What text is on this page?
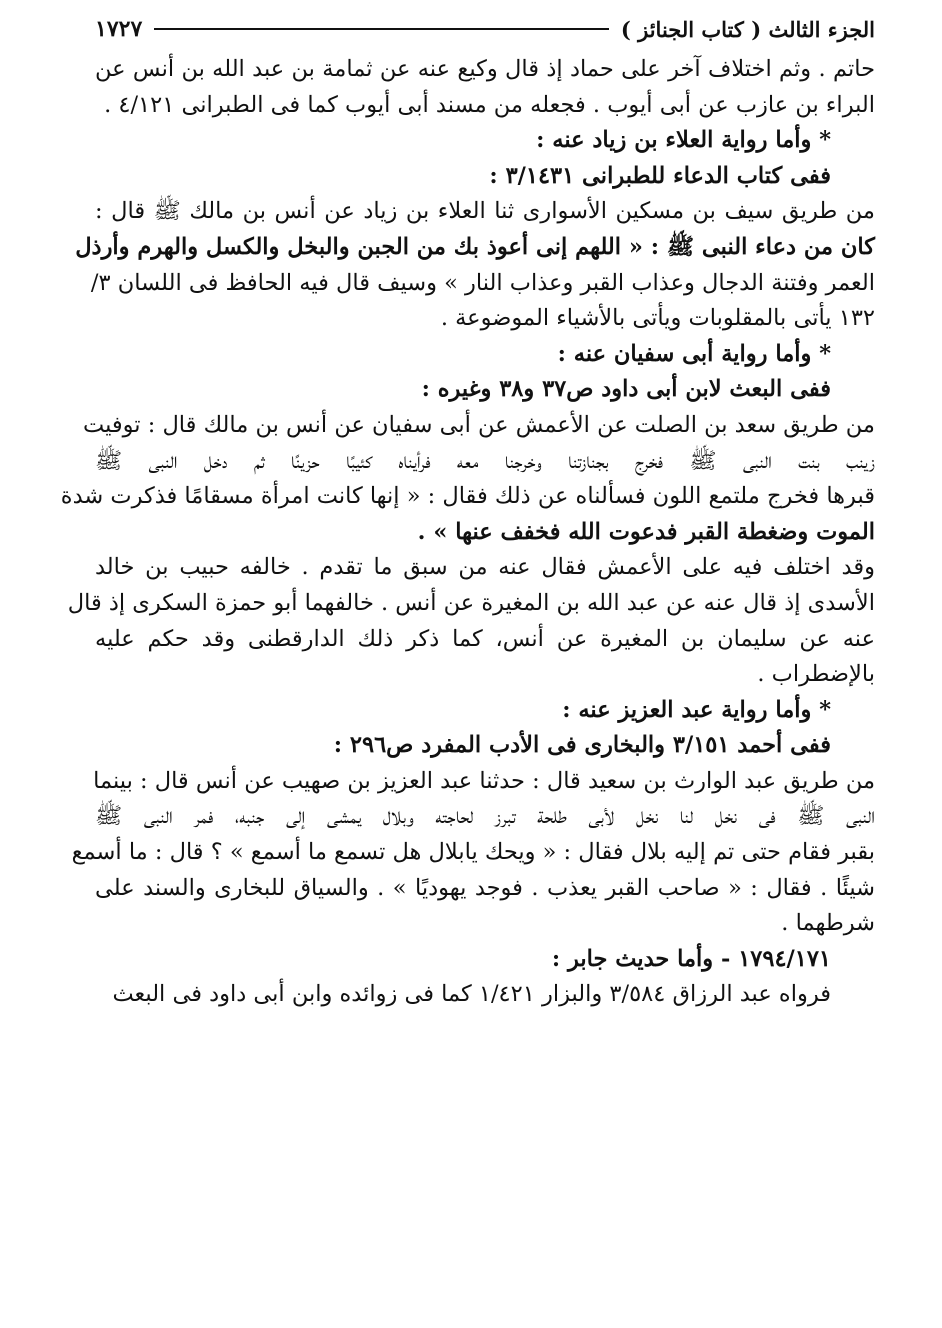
الجزء الثالث ( كتاب الجنائز )
١٧٢٧
حاتم . وثم اختلاف آخر على حماد إذ قال وكيع عنه عن ثمامة بن عبد الله بن أنس عن
البراء بن عازب عن أبى أيوب . فجعله من مسند أبى أيوب كما فى الطبرانى ٤/١٢١ .
* وأما رواية العلاء بن زياد عنه :
ففى كتاب الدعاء للطبرانى ٣/١٤٣١ :
من طريق سيف بن مسكين الأسوارى ثنا العلاء بن زياد عن أنس بن مالك ﷺ قال :
كان من دعاء النبى ﷺ : « اللهم إنى أعوذ بك من الجبن والبخل والكسل والهرم وأرذل
العمر وفتنة الدجال وعذاب القبر وعذاب النار » وسيف قال فيه الحافظ فى اللسان ٣/
١٣٢ يأتى بالمقلوبات ويأتى بالأشياء الموضوعة .
* وأما رواية أبى سفيان عنه :
ففى البعث لابن أبى داود ص٣٧ و٣٨ وغيره :
من طريق سعد بن الصلت عن الأعمش عن أبى سفيان عن أنس بن مالك قال : توفيت
زينب بنت النبى ﷺ فخرج بجنازتنا وخرجنا معه فرأيناه كئيبًا حزينًا ثم دخل النبى ﷺ
قبرها فخرج ملتمع اللون فسألناه عن ذلك فقال : « إنها كانت امرأة مسقامًا فذكرت شدة
الموت وضغطة القبر فدعوت الله فخفف عنها » .
وقد اختلف فيه على الأعمش فقال عنه من سبق ما تقدم . خالفه حبيب بن خالد
الأسدى إذ قال عنه عن عبد الله بن المغيرة عن أنس . خالفهما أبو حمزة السكرى إذ قال
عنه عن سليمان بن المغيرة عن أنس، كما ذكر ذلك الدارقطنى وقد حكم عليه
بالإضطراب .
* وأما رواية عبد العزيز عنه :
ففى أحمد ٣/١٥١ والبخارى فى الأدب المفرد ص٢٩٦ :
من طريق عبد الوارث بن سعيد قال : حدثنا عبد العزيز بن صهيب عن أنس قال : بينما
النبى ﷺ فى نخل لنا نخل لأبى طلحة تبرز لحاجته وبلال يمشى إلى جنبه، فمر النبى ﷺ
بقبر فقام حتى تم إليه بلال فقال : « ويحك يابلال هل تسمع ما أسمع » ؟ قال : ما أسمع
شيئًا . فقال : « صاحب القبر يعذب . فوجد يهوديًا » . والسياق للبخارى والسند على
شرطهما .
١٧٩٤/١٧١ - وأما حديث جابر :
فرواه عبد الرزاق ٣/٥٨٤ والبزار ١/٤٢١ كما فى زوائده وابن أبى داود فى البعث
